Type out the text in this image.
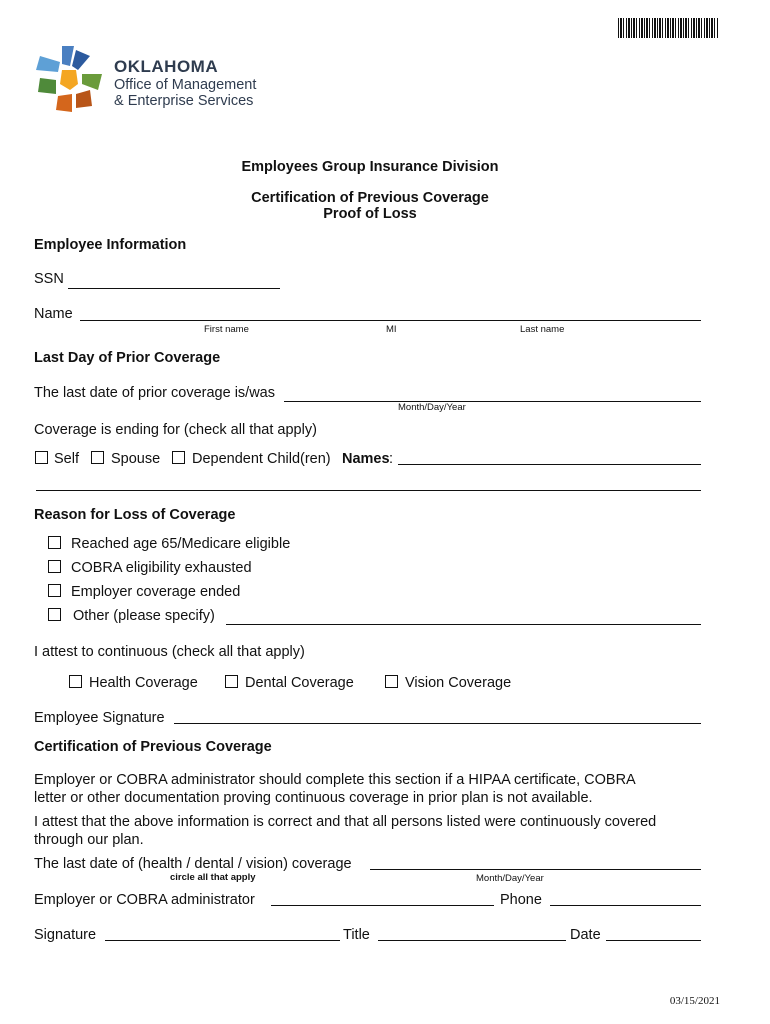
OKLAHOMA
Office of Management
& Enterprise Services
Employees Group Insurance Division
Certification of Previous Coverage
Proof of Loss
Employee Information
SSN
Name
First name	MI	Last name
Last Day of Prior Coverage
The last date of prior coverage is/was
Month/Day/Year
Coverage is ending for (check all that apply)
Self Spouse Dependent Child(ren) Names :
Reason for Loss of Coverage
Reached age 65/Medicare eligible
COBRA eligibility exhausted
Employer coverage ended
Other (please specify)
I attest to continuous (check all that apply)
Health Coverage	Dental Coverage	Vision Coverage
Employee Signature
Certification of Previous Coverage
Employer or COBRA administrator should complete this section if a HIPAA certificate, COBRA
letter or other documentation proving continuous coverage in prior plan is not available.
I attest that the above information is correct and that all persons listed were continuously covered
through our plan.
The last date of (health / dental / vision) coverage
circle all that apply	Month/Day/Year
Employer or COBRA administrator	Phone
Signature	Title	Date
03/15/2021
